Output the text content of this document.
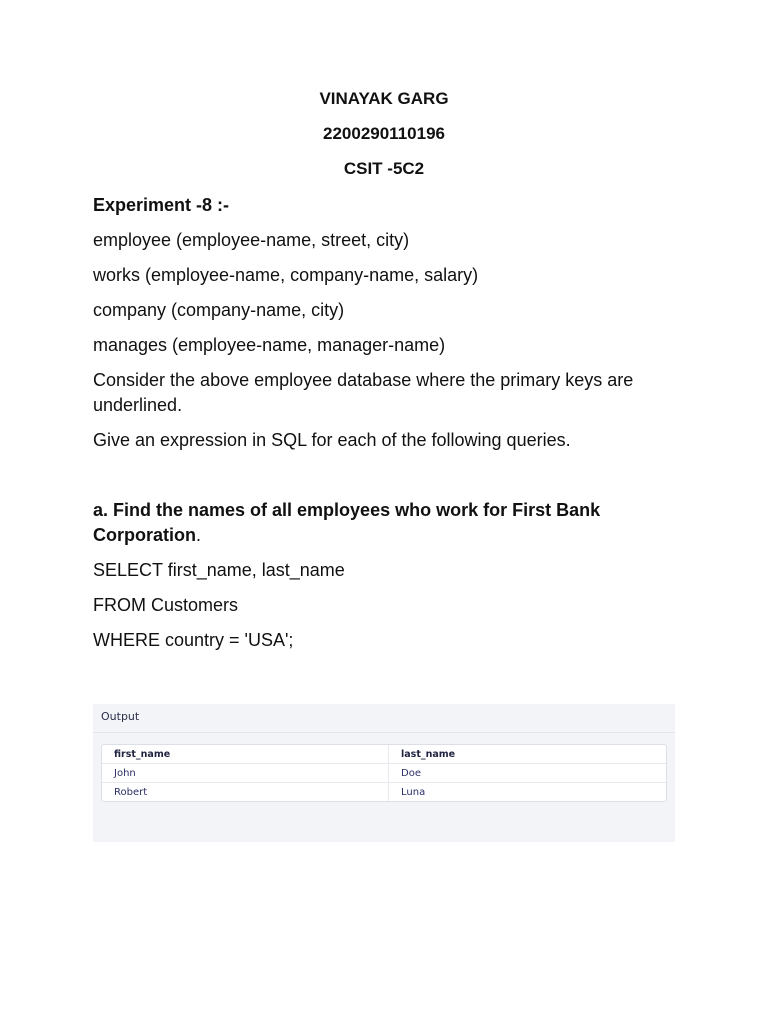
VINAYAK GARG

2200290110196

CSIT -5C2

Experiment -8 :-

employee (employee-name, street, city)

works (employee-name, company-name, salary)

company (company-name, city)

manages (employee-name, manager-name)

Consider the above employee database where the primary keys are underlined.

Give an expression in SQL for each of the following queries.

a. Find the names of all employees who work for First Bank Corporation.

SELECT first_name, last_name

FROM Customers

WHERE country = 'USA';

Output
first_name	last_name
John	Doe
Robert	Luna
